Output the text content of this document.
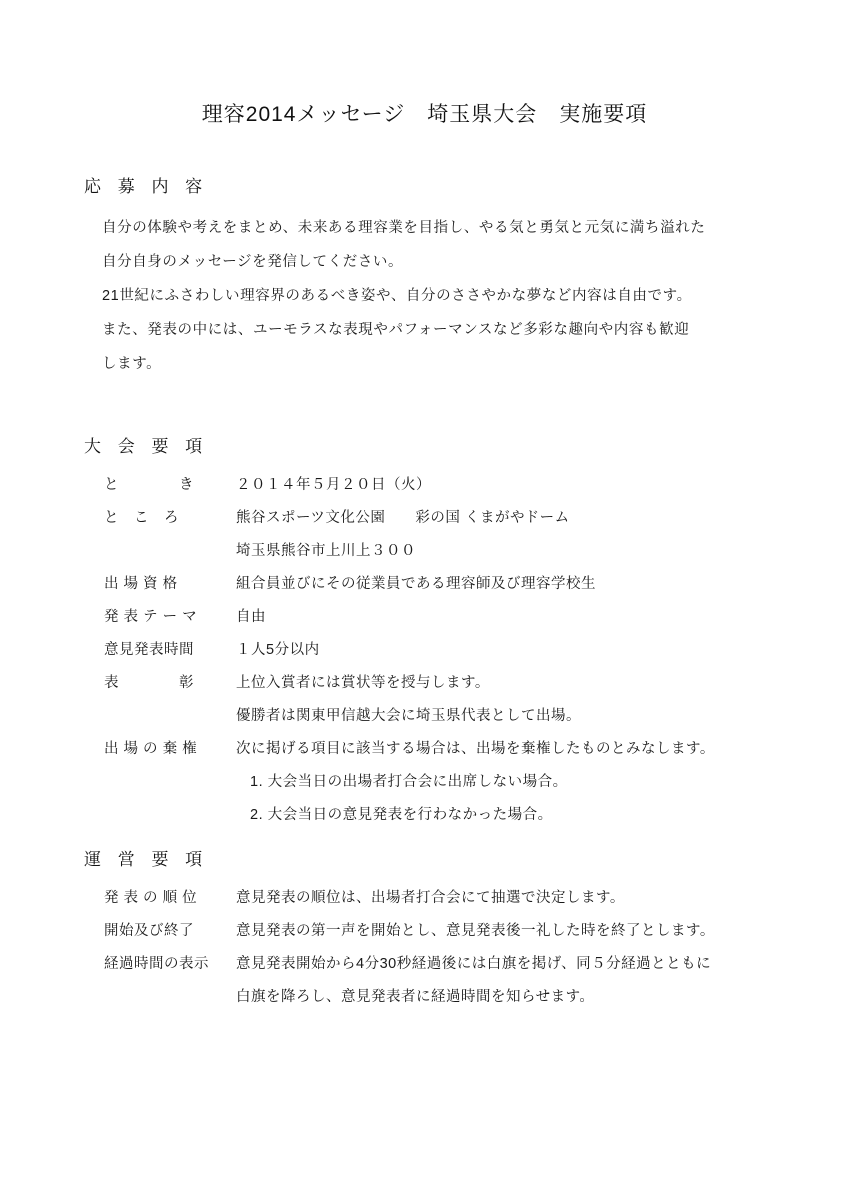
理容2014メッセージ　埼玉県大会　実施要項
応 募 内 容
自分の体験や考えをまとめ、未来ある理容業を目指し、やる気と勇気と元気に満ち溢れた
自分自身のメッセージを発信してください。
21世紀にふさわしい理容界のあるべき姿や、自分のささやかな夢など内容は自由です。
また、発表の中には、ユーモラスな表現やパフォーマンスなど多彩な趣向や内容も歓迎
します。
大 会 要 項
と　　　　き	２０１４年５月２０日（火）
と　こ　ろ	熊谷スポーツ文化公園　　彩の国 くまがやドーム

埼玉県熊谷市上川上３００
出 場 資 格	組合員並びにその従業員である理容師及び理容学校生
発 表 テ ー マ	自由
意見発表時間	１人5分以内
表　　　　彰	上位入賞者には賞状等を授与します。

優勝者は関東甲信越大会に埼玉県代表として出場。
出 場 の 棄 権	次に掲げる項目に該当する場合は、出場を棄権したものとみなします。

1. 大会当日の出場者打合会に出席しない場合。

2. 大会当日の意見発表を行わなかった場合。
運 営 要 項
発 表 の 順 位	意見発表の順位は、出場者打合会にて抽選で決定します。
開始及び終了	意見発表の第一声を開始とし、意見発表後一礼した時を終了とします。
経過時間の表示	意見発表開始から4分30秒経過後には白旗を掲げ、同５分経過とともに

白旗を降ろし、意見発表者に経過時間を知らせます。
